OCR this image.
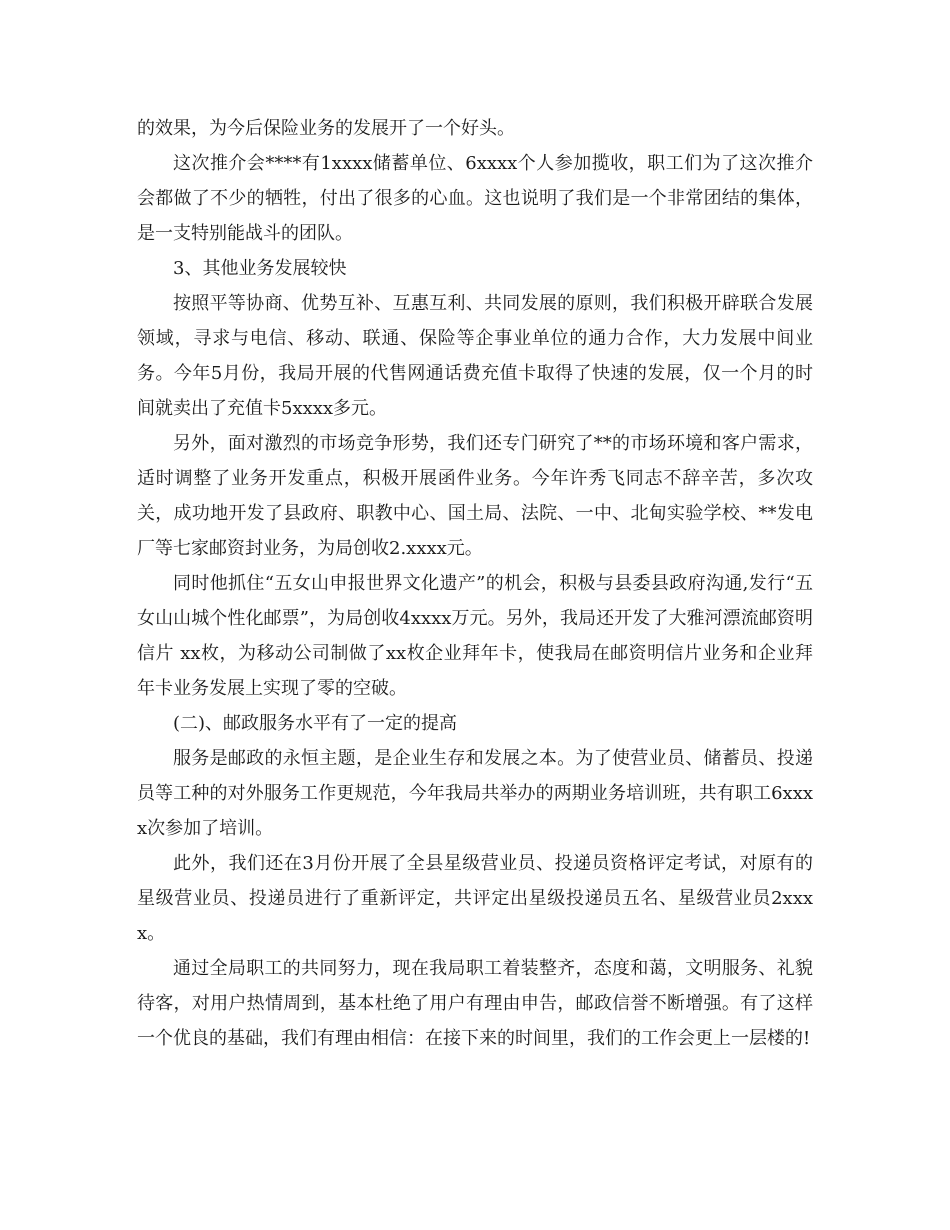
的效果，为今后保险业务的发展开了一个好头。

这次推介会****有1xxxx储蓄单位、6xxxx个人参加揽收，职工们为了这次推介会都做了不少的牺牲，付出了很多的心血。这也说明了我们是一个非常团结的集体，是一支特别能战斗的团队。

3、其他业务发展较快

按照平等协商、优势互补、互惠互利、共同发展的原则，我们积极开辟联合发展领域，寻求与电信、移动、联通、保险等企事业单位的通力合作，大力发展中间业务。今年5月份，我局开展的代售网通话费充值卡取得了快速的发展，仅一个月的时间就卖出了充值卡5xxxx多元。

另外，面对激烈的市场竞争形势，我们还专门研究了**的市场环境和客户需求，适时调整了业务开发重点，积极开展函件业务。今年许秀飞同志不辞辛苦，多次攻关，成功地开发了县政府、职教中心、国土局、法院、一中、北甸实验学校、**发电厂等七家邮资封业务，为局创收2.xxxx元。

同时他抓住“五女山申报世界文化遗产”的机会，积极与县委县政府沟通,发行“五女山山城个性化邮票”，为局创收4xxxx万元。另外，我局还开发了大雅河漂流邮资明信片 xx枚，为移动公司制做了xx枚企业拜年卡，使我局在邮资明信片业务和企业拜年卡业务发展上实现了零的空破。

(二)、邮政服务水平有了一定的提高

服务是邮政的永恒主题，是企业生存和发展之本。为了使营业员、储蓄员、投递员等工种的对外服务工作更规范，今年我局共举办的两期业务培训班，共有职工6xxxx次参加了培训。

此外，我们还在3月份开展了全县星级营业员、投递员资格评定考试，对原有的星级营业员、投递员进行了重新评定，共评定出星级投递员五名、星级营业员2xxxx。

通过全局职工的共同努力，现在我局职工着装整齐，态度和蔼，文明服务、礼貌待客，对用户热情周到，基本杜绝了用户有理由申告，邮政信誉不断增强。有了这样一个优良的基础，我们有理由相信：在接下来的时间里，我们的工作会更上一层楼的!
